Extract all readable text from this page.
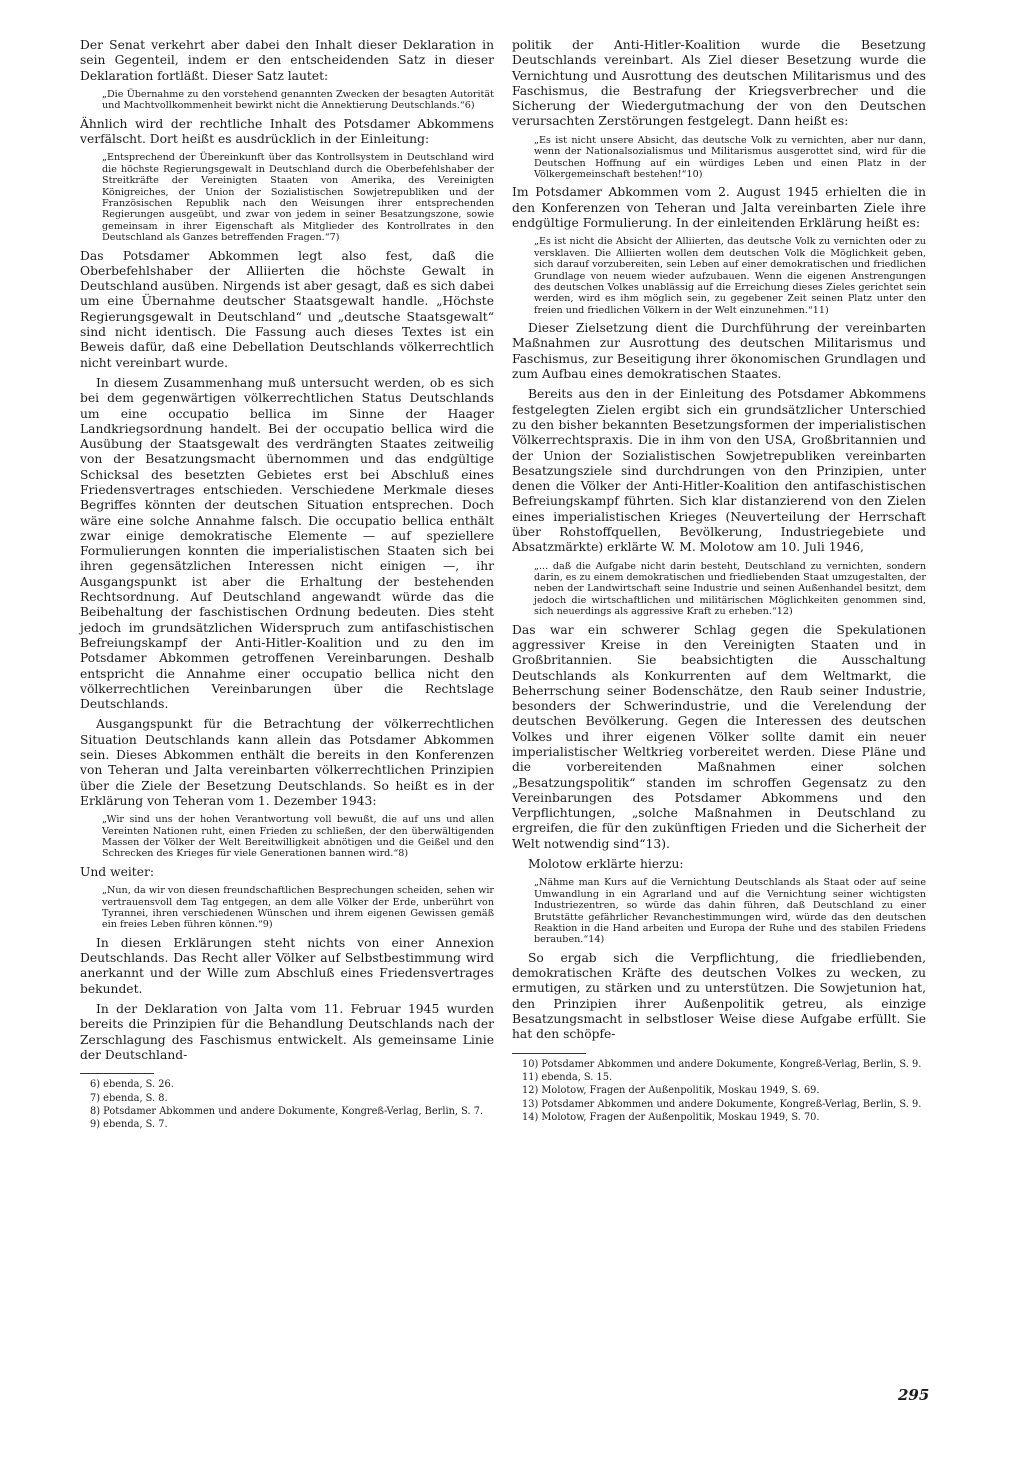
Der Senat verkehrt aber dabei den Inhalt dieser Deklaration in sein Gegenteil, indem er den entscheidenden Satz in dieser Deklaration fortläßt. Dieser Satz lautet:

„Die Übernahme zu den vorstehend genannten Zwecken der besagten Autorität und Machtvollkommenheit bewirkt nicht die Annektierung Deutschlands.“6)

Ähnlich wird der rechtliche Inhalt des Potsdamer Abkommens verfälscht. Dort heißt es ausdrücklich in der Einleitung:

„Entsprechend der Übereinkunft über das Kontrollsystem in Deutschland wird die höchste Regierungsgewalt in Deutschland durch die Oberbefehlshaber der Streitkräfte der Vereinigten Staaten von Amerika, des Vereinigten Königreiches, der Union der Sozialistischen Sowjetrepubliken und der Französischen Republik nach den Weisungen ihrer entsprechenden Regierungen ausgeübt, und zwar von jedem in seiner Besatzungszone, sowie gemeinsam in ihrer Eigenschaft als Mitglieder des Kontrollrates in den Deutschland als Ganzes betreffenden Fragen.“7)

Das Potsdamer Abkommen legt also fest, daß die Oberbefehlshaber der Alliierten die höchste Gewalt in Deutschland ausüben. Nirgends ist aber gesagt, daß es sich dabei um eine Übernahme deutscher Staatsgewalt handle. „Höchste Regierungsgewalt in Deutschland“ und „deutsche Staatsgewalt“ sind nicht identisch. Die Fassung auch dieses Textes ist ein Beweis dafür, daß eine Debellation Deutschlands völkerrechtlich nicht vereinbart wurde.

In diesem Zusammenhang muß untersucht werden, ob es sich bei dem gegenwärtigen völkerrechtlichen Status Deutschlands um eine occupatio bellica im Sinne der Haager Landkriegsordnung handelt. Bei der occupatio bellica wird die Ausübung der Staatsgewalt des verdrängten Staates zeitweilig von der Besatzungsmacht übernommen und das endgültige Schicksal des besetzten Gebietes erst bei Abschluß eines Friedensvertrages entschieden. Verschiedene Merkmale dieses Begriffes könnten der deutschen Situation entsprechen. Doch wäre eine solche Annahme falsch. Die occupatio bellica enthält zwar einige demokratische Elemente — auf speziellere Formulierungen konnten die imperialistischen Staaten sich bei ihren gegensätzlichen Interessen nicht einigen —, ihr Ausgangspunkt ist aber die Erhaltung der bestehenden Rechtsordnung. Auf Deutschland angewandt würde das die Beibehaltung der faschistischen Ordnung bedeuten. Dies steht jedoch im grundsätzlichen Widerspruch zum antifaschistischen Befreiungskampf der Anti-Hitler-Koalition und zu den im Potsdamer Abkommen getroffenen Vereinbarungen. Deshalb entspricht die Annahme einer occupatio bellica nicht den völkerrechtlichen Vereinbarungen über die Rechtslage Deutschlands.

Ausgangspunkt für die Betrachtung der völkerrechtlichen Situation Deutschlands kann allein das Potsdamer Abkommen sein. Dieses Abkommen enthält die bereits in den Konferenzen von Teheran und Jalta vereinbarten völkerrechtlichen Prinzipien über die Ziele der Besetzung Deutschlands. So heißt es in der Erklärung von Teheran vom 1. Dezember 1943:

„Wir sind uns der hohen Verantwortung voll bewußt, die auf uns und allen Vereinten Nationen ruht, einen Frieden zu schließen, der den überwältigenden Massen der Völker der Welt Bereitwilligkeit abnötigen und die Geißel und den Schrecken des Krieges für viele Generationen bannen wird.“8)

Und weiter:

„Nun, da wir von diesen freundschaftlichen Besprechungen scheiden, sehen wir vertrauensvoll dem Tag entgegen, an dem alle Völker der Erde, unberührt von Tyrannei, ihren verschiedenen Wünschen und ihrem eigenen Gewissen gemäß ein freies Leben führen können.“9)

In diesen Erklärungen steht nichts von einer Annexion Deutschlands. Das Recht aller Völker auf Selbstbestimmung wird anerkannt und der Wille zum Abschluß eines Friedensvertrages bekundet.

In der Deklaration von Jalta vom 11. Februar 1945 wurden bereits die Prinzipien für die Behandlung Deutschlands nach der Zerschlagung des Faschismus entwickelt. Als gemeinsame Linie der Deutschland-

6) ebenda, S. 26.

7) ebenda, S. 8.

8) Potsdamer Abkommen und andere Dokumente, Kongreß-Verlag, Berlin, S. 7.

9) ebenda, S. 7.

politik der Anti-Hitler-Koalition wurde die Besetzung Deutschlands vereinbart. Als Ziel dieser Besetzung wurde die Vernichtung und Ausrottung des deutschen Militarismus und des Faschismus, die Bestrafung der Kriegsverbrecher und die Sicherung der Wiedergutmachung der von den Deutschen verursachten Zerstörungen festgelegt. Dann heißt es:

„Es ist nicht unsere Absicht, das deutsche Volk zu vernichten, aber nur dann, wenn der Nationalsozialismus und Militarismus ausgerottet sind, wird für die Deutschen Hoffnung auf ein würdiges Leben und einen Platz in der Völkergemeinschaft bestehen!“10)

Im Potsdamer Abkommen vom 2. August 1945 erhielten die in den Konferenzen von Teheran und Jalta vereinbarten Ziele ihre endgültige Formulierung. In der einleitenden Erklärung heißt es:

„Es ist nicht die Absicht der Alliierten, das deutsche Volk zu vernichten oder zu versklaven. Die Alliierten wollen dem deutschen Volk die Möglichkeit geben, sich darauf vorzubereiten, sein Leben auf einer demokratischen und friedlichen Grundlage von neuem wieder aufzubauen. Wenn die eigenen Anstrengungen des deutschen Volkes unablässig auf die Erreichung dieses Zieles gerichtet sein werden, wird es ihm möglich sein, zu gegebener Zeit seinen Platz unter den freien und friedlichen Völkern in der Welt einzunehmen.“11)

Dieser Zielsetzung dient die Durchführung der vereinbarten Maßnahmen zur Ausrottung des deutschen Militarismus und Faschismus, zur Beseitigung ihrer ökonomischen Grundlagen und zum Aufbau eines demokratischen Staates.

Bereits aus den in der Einleitung des Potsdamer Abkommens festgelegten Zielen ergibt sich ein grundsätzlicher Unterschied zu den bisher bekannten Besetzungsformen der imperialistischen Völkerrechtspraxis. Die in ihm von den USA, Großbritannien und der Union der Sozialistischen Sowjetrepubliken vereinbarten Besatzungsziele sind durchdrungen von den Prinzipien, unter denen die Völker der Anti-Hitler-Koalition den antifaschistischen Befreiungskampf führten. Sich klar distanzierend von den Zielen eines imperialistischen Krieges (Neuverteilung der Herrschaft über Rohstoffquellen, Bevölkerung, Industriegebiete und Absatzmärkte) erklärte W. M. Molotow am 10. Juli 1946,

„... daß die Aufgabe nicht darin besteht, Deutschland zu vernichten, sondern darin, es zu einem demokratischen und friedliebenden Staat umzugestalten, der neben der Landwirtschaft seine Industrie und seinen Außenhandel besitzt, dem jedoch die wirtschaftlichen und militärischen Möglichkeiten genommen sind, sich neuerdings als aggressive Kraft zu erheben.“12)

Das war ein schwerer Schlag gegen die Spekulationen aggressiver Kreise in den Vereinigten Staaten und in Großbritannien. Sie beabsichtigten die Ausschaltung Deutschlands als Konkurrenten auf dem Weltmarkt, die Beherrschung seiner Bodenschätze, den Raub seiner Industrie, besonders der Schwerindustrie, und die Verelendung der deutschen Bevölkerung. Gegen die Interessen des deutschen Volkes und ihrer eigenen Völker sollte damit ein neuer imperialistischer Weltkrieg vorbereitet werden. Diese Pläne und die vorbereitenden Maßnahmen einer solchen „Besatzungspolitik“ standen im schroffen Gegensatz zu den Vereinbarungen des Potsdamer Abkommens und den Verpflichtungen, „solche Maßnahmen in Deutschland zu ergreifen, die für den zukünftigen Frieden und die Sicherheit der Welt notwendig sind“13).

Molotow erklärte hierzu:

„Nähme man Kurs auf die Vernichtung Deutschlands als Staat oder auf seine Umwandlung in ein Agrarland und auf die Vernichtung seiner wichtigsten Industriezentren, so würde das dahin führen, daß Deutschland zu einer Brutstätte gefährlicher Revanchestimmungen wird, würde das den deutschen Reaktion in die Hand arbeiten und Europa der Ruhe und des stabilen Friedens berauben.“14)

So ergab sich die Verpflichtung, die friedliebenden, demokratischen Kräfte des deutschen Volkes zu wecken, zu ermutigen, zu stärken und zu unterstützen. Die Sowjetunion hat, den Prinzipien ihrer Außenpolitik getreu, als einzige Besatzungsmacht in selbstloser Weise diese Aufgabe erfüllt. Sie hat den schöpfe-

10) Potsdamer Abkommen und andere Dokumente, Kongreß-Verlag, Berlin, S. 9.

11) ebenda, S. 15.

12) Molotow, Fragen der Außenpolitik, Moskau 1949, S. 69.

13) Potsdamer Abkommen und andere Dokumente, Kongreß-Verlag, Berlin, S. 9.

14) Molotow, Fragen der Außenpolitik, Moskau 1949, S. 70.

295
